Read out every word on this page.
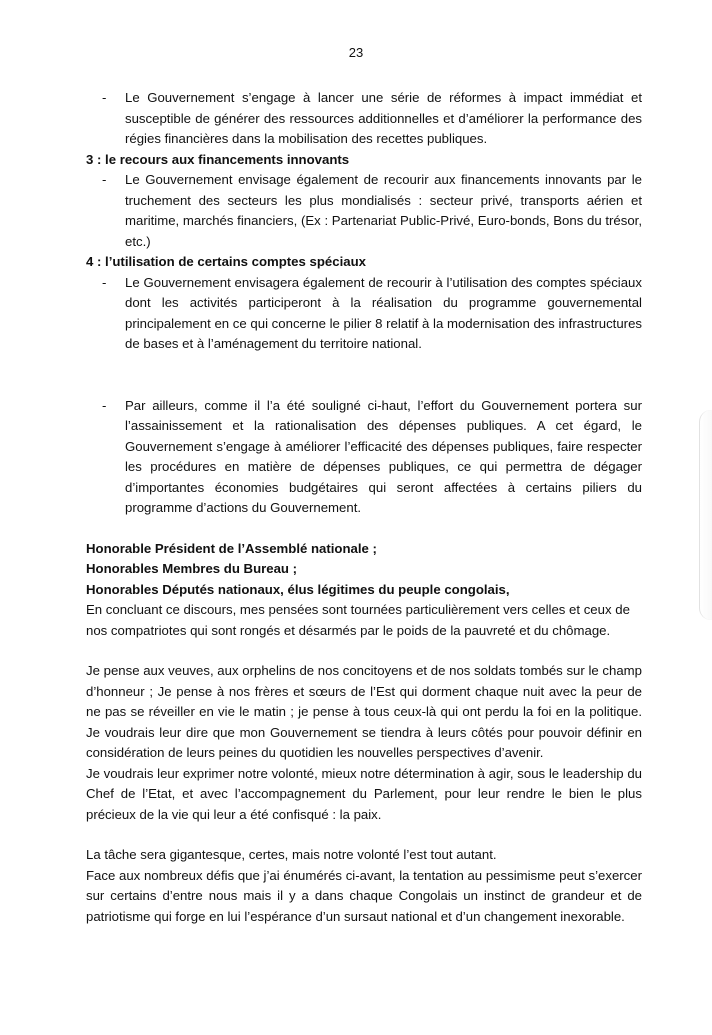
23
- Le Gouvernement s’engage à lancer une série de réformes à impact immédiat et susceptible de générer des ressources additionnelles et d’améliorer la performance des régies financières dans la mobilisation des recettes publiques.
3 : le recours aux financements innovants
- Le Gouvernement envisage également de recourir aux financements innovants par le truchement des secteurs les plus mondialisés : secteur privé, transports aérien et maritime, marchés financiers, (Ex : Partenariat Public-Privé, Euro-bonds, Bons du trésor, etc.)
4 : l’utilisation de certains comptes spéciaux
- Le Gouvernement envisagera également de recourir à l’utilisation des comptes spéciaux dont les activités participeront à la réalisation du programme gouvernemental principalement en ce qui concerne le pilier 8 relatif à la modernisation des infrastructures de bases et à l’aménagement du territoire national.
- Par ailleurs, comme il l’a été souligné ci-haut, l’effort du Gouvernement portera sur l’assainissement et la rationalisation des dépenses publiques. A cet égard, le Gouvernement s’engage à améliorer l’efficacité des dépenses publiques, faire respecter les procédures en matière de dépenses publiques, ce qui permettra de dégager d’importantes économies budgétaires qui seront affectées à certains piliers du programme d’actions du Gouvernement.
Honorable Président de l’Assemblé nationale ;
Honorables Membres du Bureau ;
Honorables Députés nationaux, élus légitimes du peuple congolais,
En concluant ce discours, mes pensées sont tournées particulièrement vers celles et ceux de nos compatriotes qui sont rongés et désarmés par le poids de la pauvreté et du chômage.
Je pense aux veuves, aux orphelins de nos concitoyens et de nos soldats tombés sur le champ d’honneur ; Je pense à nos frères et sœurs de l’Est qui dorment chaque nuit avec la peur de ne pas se réveiller en vie le matin ; je pense à tous ceux-là qui ont perdu la foi en la politique. Je voudrais leur dire que mon Gouvernement se tiendra à leurs côtés pour pouvoir définir en considération de leurs peines du quotidien les nouvelles perspectives d’avenir.
Je voudrais leur exprimer notre volonté, mieux notre détermination à agir, sous le leadership du Chef de l’Etat, et avec l’accompagnement du Parlement, pour leur rendre le bien le plus précieux de la vie qui leur a été confisqué : la paix.
La tâche sera gigantesque, certes, mais notre volonté l’est tout autant.
Face aux nombreux défis que j’ai énumérés ci-avant, la tentation au pessimisme peut s’exercer sur certains d’entre nous mais il y a dans chaque Congolais un instinct de grandeur et de patriotisme qui forge en lui l’espérance d’un sursaut national et d’un changement inexorable.
